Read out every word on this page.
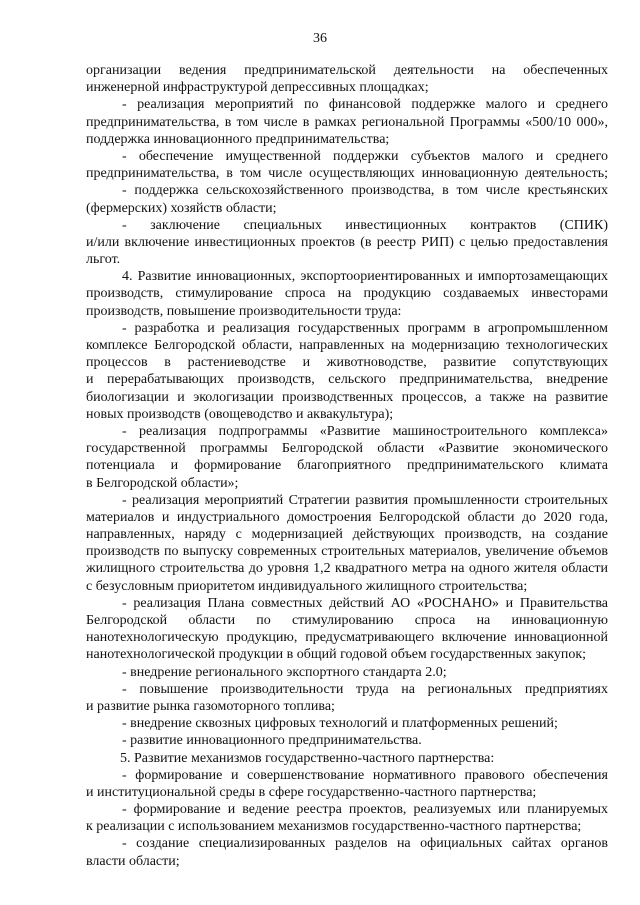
36
организации ведения предпринимательской деятельности на обеспеченных
инженерной инфраструктурой депрессивных площадках;
- реализация мероприятий по финансовой поддержке малого и среднего
предпринимательства, в том числе в рамках региональной Программы «500/10 000»,
поддержка инновационного предпринимательства;
- обеспечение имущественной поддержки субъектов малого и среднего
предпринимательства, в том числе осуществляющих инновационную деятельность;
- поддержка сельскохозяйственного производства, в том числе крестьянских
(фермерских) хозяйств области;
- заключение специальных инвестиционных контрактов (СПИК)
и/или включение инвестиционных проектов (в реестр РИП) с целью предоставления
льгот.
4. Развитие инновационных, экспортоориентированных и импортозамещающих
производств, стимулирование спроса на продукцию создаваемых инвесторами
производств, повышение производительности труда:
- разработка и реализация государственных программ в агропромышленном
комплексе Белгородской области, направленных на модернизацию технологических
процессов в растениеводстве и животноводстве, развитие сопутствующих
и перерабатывающих производств, сельского предпринимательства, внедрение
биологизации и экологизации производственных процессов, а также на развитие
новых производств (овощеводство и аквакультура);
- реализация подпрограммы «Развитие машиностроительного комплекса»
государственной программы Белгородской области «Развитие экономического
потенциала и формирование благоприятного предпринимательского климата
в Белгородской области»;
- реализация мероприятий Стратегии развития промышленности строительных
материалов и индустриального домостроения Белгородской области до 2020 года,
направленных, наряду с модернизацией действующих производств, на создание
производств по выпуску современных строительных материалов, увеличение объемов
жилищного строительства до уровня 1,2 квадратного метра на одного жителя области
с безусловным приоритетом индивидуального жилищного строительства;
- реализация Плана совместных действий АО «РОСНАНО» и Правительства
Белгородской области по стимулированию спроса на инновационную
нанотехнологическую продукцию, предусматривающего включение инновационной
нанотехнологической продукции в общий годовой объем государственных закупок;
- внедрение регионального экспортного стандарта 2.0;
- повышение производительности труда на региональных предприятиях
и развитие рынка газомоторного топлива;
- внедрение сквозных цифровых технологий и платформенных решений;
- развитие инновационного предпринимательства.
5. Развитие механизмов государственно-частного партнерства:
- формирование и совершенствование нормативного правового обеспечения
и институциональной среды в сфере государственно-частного партнерства;
- формирование и ведение реестра проектов, реализуемых или планируемых
к реализации с использованием механизмов государственно-частного партнерства;
- создание специализированных разделов на официальных сайтах органов
власти области;
